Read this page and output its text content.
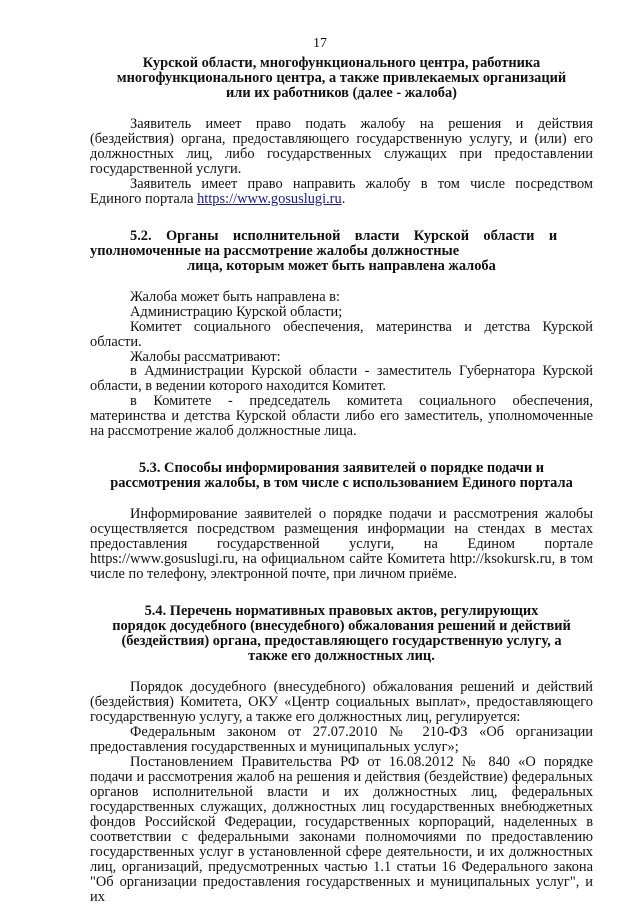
17
Курской области, многофункционального центра, работника
многофункционального центра, а также привлекаемых организаций
или их работников (далее - жалоба)

Заявитель имеет право подать жалобу на решения и действия (бездействия) органа, предоставляющего государственную услугу, и (или) его должностных лиц, либо государственных служащих при предоставлении государственной услуги.

Заявитель имеет право направить жалобу в том числе посредством Единого портала https://www.gosuslugi.ru.

5.2.    Органы    исполнительной    власти    Курской    области    и

уполномоченные на рассмотрение жалобы должностные

лица, которым может быть направлена жалоба

Жалоба может быть направлена в:

Администрацию Курской области;

Комитет социального обеспечения, материнства и детства Курской области.

Жалобы рассматривают:

в Администрации Курской области - заместитель Губернатора Курской области, в ведении которого находится Комитет.

в Комитете - председатель комитета социального обеспечения, материнства и детства Курской области либо его заместитель, уполномоченные на рассмотрение жалоб должностные лица.

5.3. Способы информирования заявителей о порядке подачи и
рассмотрения жалобы, в том числе с использованием Единого портала

Информирование заявителей о порядке подачи и рассмотрения жалобы осуществляется посредством размещения информации на стендах в местах предоставления государственной услуги, на Едином портале https://www.gosuslugi.ru, на официальном сайте Комитета http://ksokursk.ru, в том числе по телефону, электронной почте, при личном приёме.

5.4. Перечень нормативных правовых актов, регулирующих
порядок досудебного (внесудебного) обжалования решений и действий
(бездействия) органа, предоставляющего государственную услугу, а
также его должностных лиц.

Порядок досудебного (внесудебного) обжалования решений и действий (бездействия) Комитета, ОКУ «Центр социальных выплат», предоставляющего государственную услугу, а также его должностных лиц, регулируется:

Федеральным законом от 27.07.2010 № 210-ФЗ «Об организации предоставления государственных и муниципальных услуг»;

Постановлением Правительства РФ от 16.08.2012 № 840 «О порядке подачи и рассмотрения жалоб на решения и действия (бездействие) федеральных органов исполнительной власти и их должностных лиц, федеральных государственных служащих, должностных лиц государственных внебюджетных фондов Российской Федерации, государственных корпораций, наделенных в соответствии с федеральными законами полномочиями по предоставлению государственных услуг в установленной сфере деятельности, и их должностных лиц, организаций, предусмотренных частью 1.1 статьи 16 Федерального закона "Об организации предоставления государственных и муниципальных услуг", и их
